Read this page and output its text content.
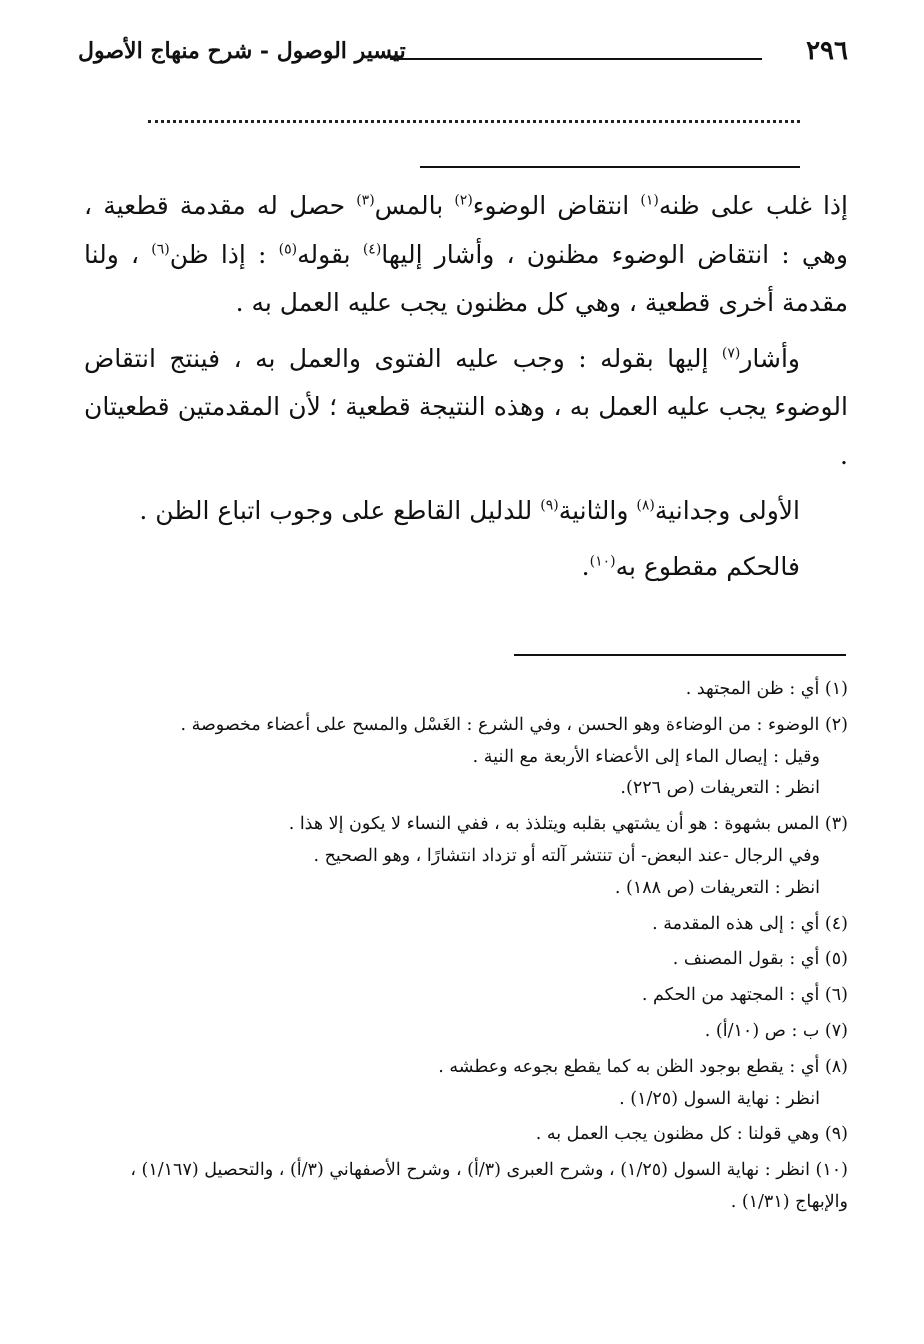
٢٩٦
تيسير الوصول - شرح منهاج الأصول

إذا غلب على ظنه$^{(١)}$ انتقاض الوضوء$^{(٢)}$ بالمس$^{(٣)}$ حصل له مقدمة قطعية ، وهي : انتقاض الوضوء مظنون ، وأشار إليها$^{(٤)}$ بقوله$^{(٥)}$ : إذا ظن$^{(٦)}$ ، ولنا مقدمة أخرى قطعية ، وهي كل مظنون يجب عليه العمل به .

وأشار$^{(٧)}$ إليها بقوله : وجب عليه الفتوى والعمل به ، فينتج انتقاض الوضوء يجب عليه العمل به ، وهذه النتيجة قطعية ؛ لأن المقدمتين قطعيتان .

الأولى وجدانية$^{(٨)}$ والثانية$^{(٩)}$ للدليل القاطع على وجوب اتباع الظن .

فالحكم مقطوع به$^{(١٠)}$.

(١) أي : ظن المجتهد .
(٢) الوضوء : من الوضاءة وهو الحسن ، وفي الشرع : الغَسْل والمسح على أعضاء مخصوصة .
وقيل : إيصال الماء إلى الأعضاء الأربعة مع النية .
انظر : التعريفات (ص ٢٢٦).
(٣) المس بشهوة : هو أن يشتهي بقلبه ويتلذذ به ، ففي النساء لا يكون إلا هذا .
وفي الرجال -عند البعض- أن تنتشر آلته أو تزداد انتشارًا ، وهو الصحيح .
انظر : التعريفات (ص ١٨٨) .
(٤) أي : إلى هذه المقدمة .
(٥) أي : بقول المصنف .
(٦) أي : المجتهد من الحكم .
(٧) ب : ص (١٠/أ) .
(٨) أي : يقطع بوجود الظن به كما يقطع بجوعه وعطشه .
انظر : نهاية السول (١/٢٥) .
(٩) وهي قولنا : كل مظنون يجب العمل به .
(١٠) انظر : نهاية السول (١/٢٥) ، وشرح العبرى (٣/أ) ، وشرح الأصفهاني (٣/أ) ، والتحصيل (١/١٦٧) ، والإبهاج (١/٣١) .
